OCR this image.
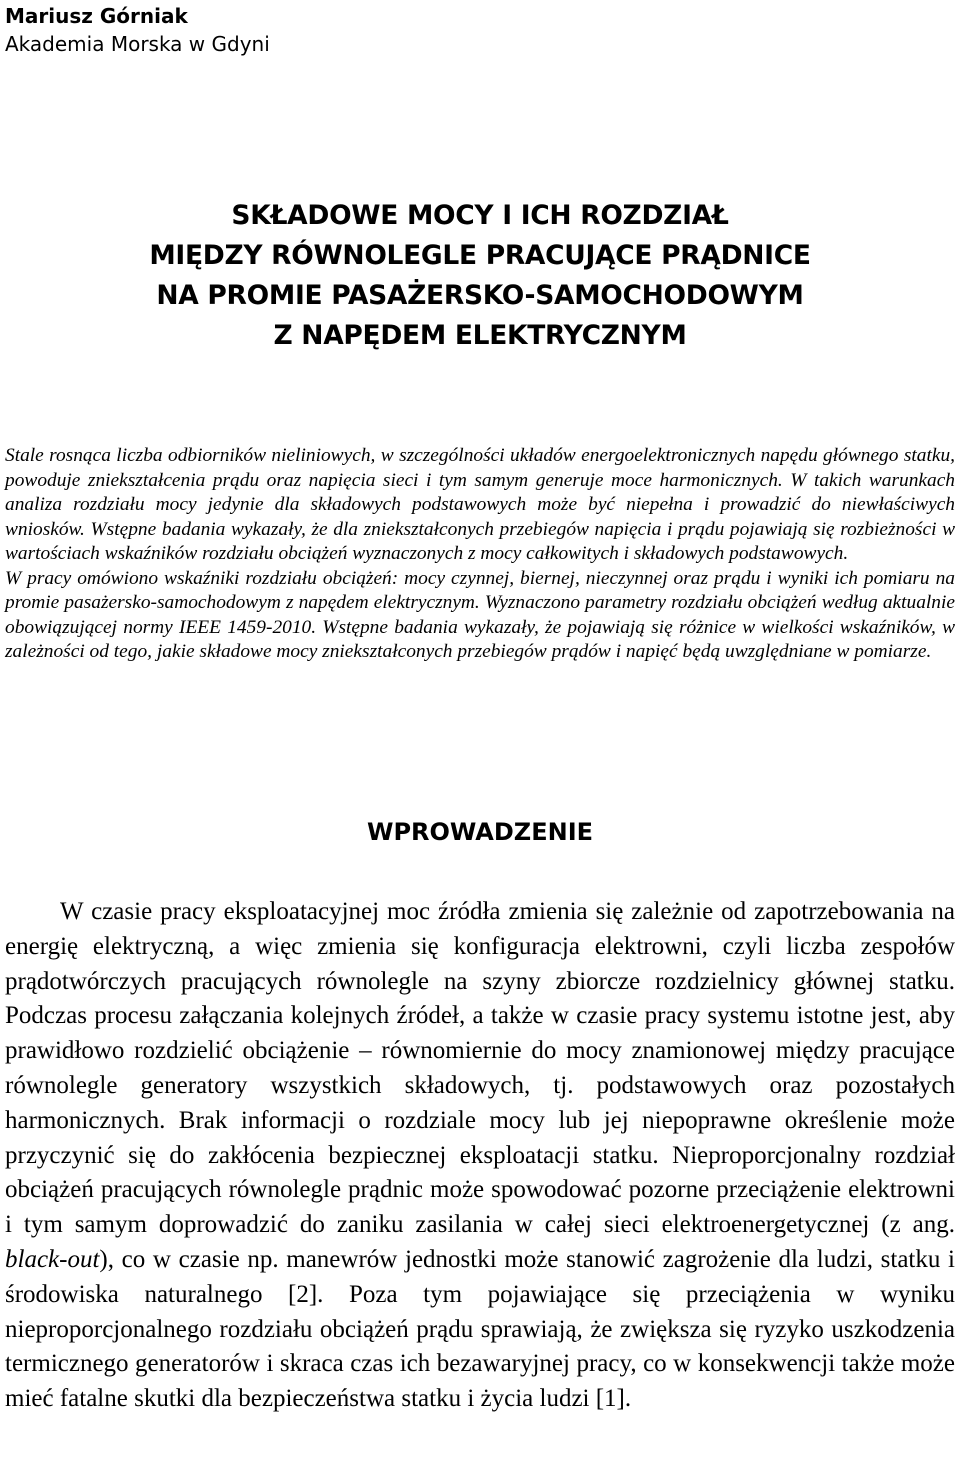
Mariusz Górniak
Akademia Morska w Gdyni
SKŁADOWE MOCY I ICH ROZDZIAŁ
MIĘDZY RÓWNOLEGLE PRACUJĄCE PRĄDNICE
NA PROMIE PASAŻERSKO-SAMOCHODOWYM
Z NAPĘDEM ELEKTRYCZNYM

Stale rosnąca liczba odbiorników nieliniowych, w szczególności układów energoelektronicznych napędu głównego statku, powoduje zniekształcenia prądu oraz napięcia sieci i tym samym generuje moce harmonicznych. W takich warunkach analiza rozdziału mocy jedynie dla składowych podstawowych może być niepełna i prowadzić do niewłaściwych wniosków. Wstępne badania wykazały, że dla zniekształconych przebiegów napięcia i prądu pojawiają się rozbieżności w wartościach wskaźników rozdziału obciążeń wyznaczonych z mocy całkowitych i składowych podstawowych.

W pracy omówiono wskaźniki rozdziału obciążeń: mocy czynnej, biernej, nieczynnej oraz prądu i wyniki ich pomiaru na promie pasażersko-samochodowym z napędem elektrycznym. Wyznaczono parametry rozdziału obciążeń według aktualnie obowiązującej normy IEEE 1459-2010. Wstępne badania wykazały, że pojawiają się różnice w wielkości wskaźników, w zależności od tego, jakie składowe mocy zniekształconych przebiegów prądów i napięć będą uwzględniane w pomiarze.

WPROWADZENIE

W czasie pracy eksploatacyjnej moc źródła zmienia się zależnie od zapotrzebowania na energię elektryczną, a więc zmienia się konfiguracja elektrowni, czyli liczba zespołów prądotwórczych pracujących równolegle na szyny zbiorcze rozdzielnicy głównej statku. Podczas procesu załączania kolejnych źródeł, a także w czasie pracy systemu istotne jest, aby prawidłowo rozdzielić obciążenie – równomiernie do mocy znamionowej między pracujące równolegle generatory wszystkich składowych, tj. podstawowych oraz pozostałych harmonicznych. Brak informacji o rozdziale mocy lub jej niepoprawne określenie może przyczynić się do zakłócenia bezpiecznej eksploatacji statku. Nieproporcjonalny rozdział obciążeń pracujących równolegle prądnic może spowodować pozorne przeciążenie elektrowni i tym samym doprowadzić do zaniku zasilania w całej sieci elektroenergetycznej (z ang. black-out), co w czasie np. manewrów jednostki może stanowić zagrożenie dla ludzi, statku i środowiska naturalnego [2]. Poza tym pojawiające się przeciążenia w wyniku nieproporcjonalnego rozdziału obciążeń prądu sprawiają, że zwiększa się ryzyko uszkodzenia termicznego generatorów i skraca czas ich bezawaryjnej pracy, co w konsekwencji także może mieć fatalne skutki dla bezpieczeństwa statku i życia ludzi [1].
